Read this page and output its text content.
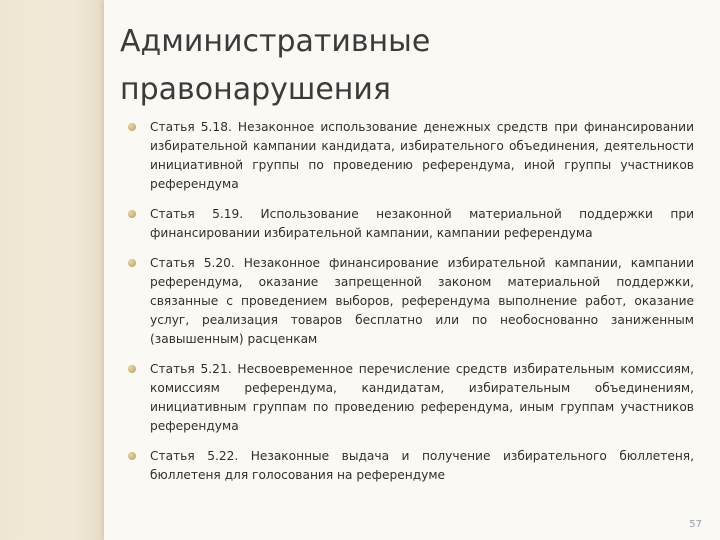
Административные
правонарушения
Статья 5.18. Незаконное использование денежных средств при финансировании избирательной кампании кандидата, избирательного объединения, деятельности инициативной группы по проведению референдума, иной группы участников референдума
Статья 5.19. Использование незаконной материальной поддержки при финансировании избирательной кампании, кампании референдума
Статья 5.20. Незаконное финансирование избирательной кампании, кампании референдума, оказание запрещенной законом материальной поддержки, связанные с проведением выборов, референдума выполнение работ, оказание услуг, реализация товаров бесплатно или по необоснованно заниженным (завышенным) расценкам
Статья 5.21. Несвоевременное перечисление средств избирательным комиссиям, комиссиям референдума, кандидатам, избирательным объединениям, инициативным группам по проведению референдума, иным группам участников референдума
Статья 5.22. Незаконные выдача и получение избирательного бюллетеня, бюллетеня для голосования на референдуме
57
